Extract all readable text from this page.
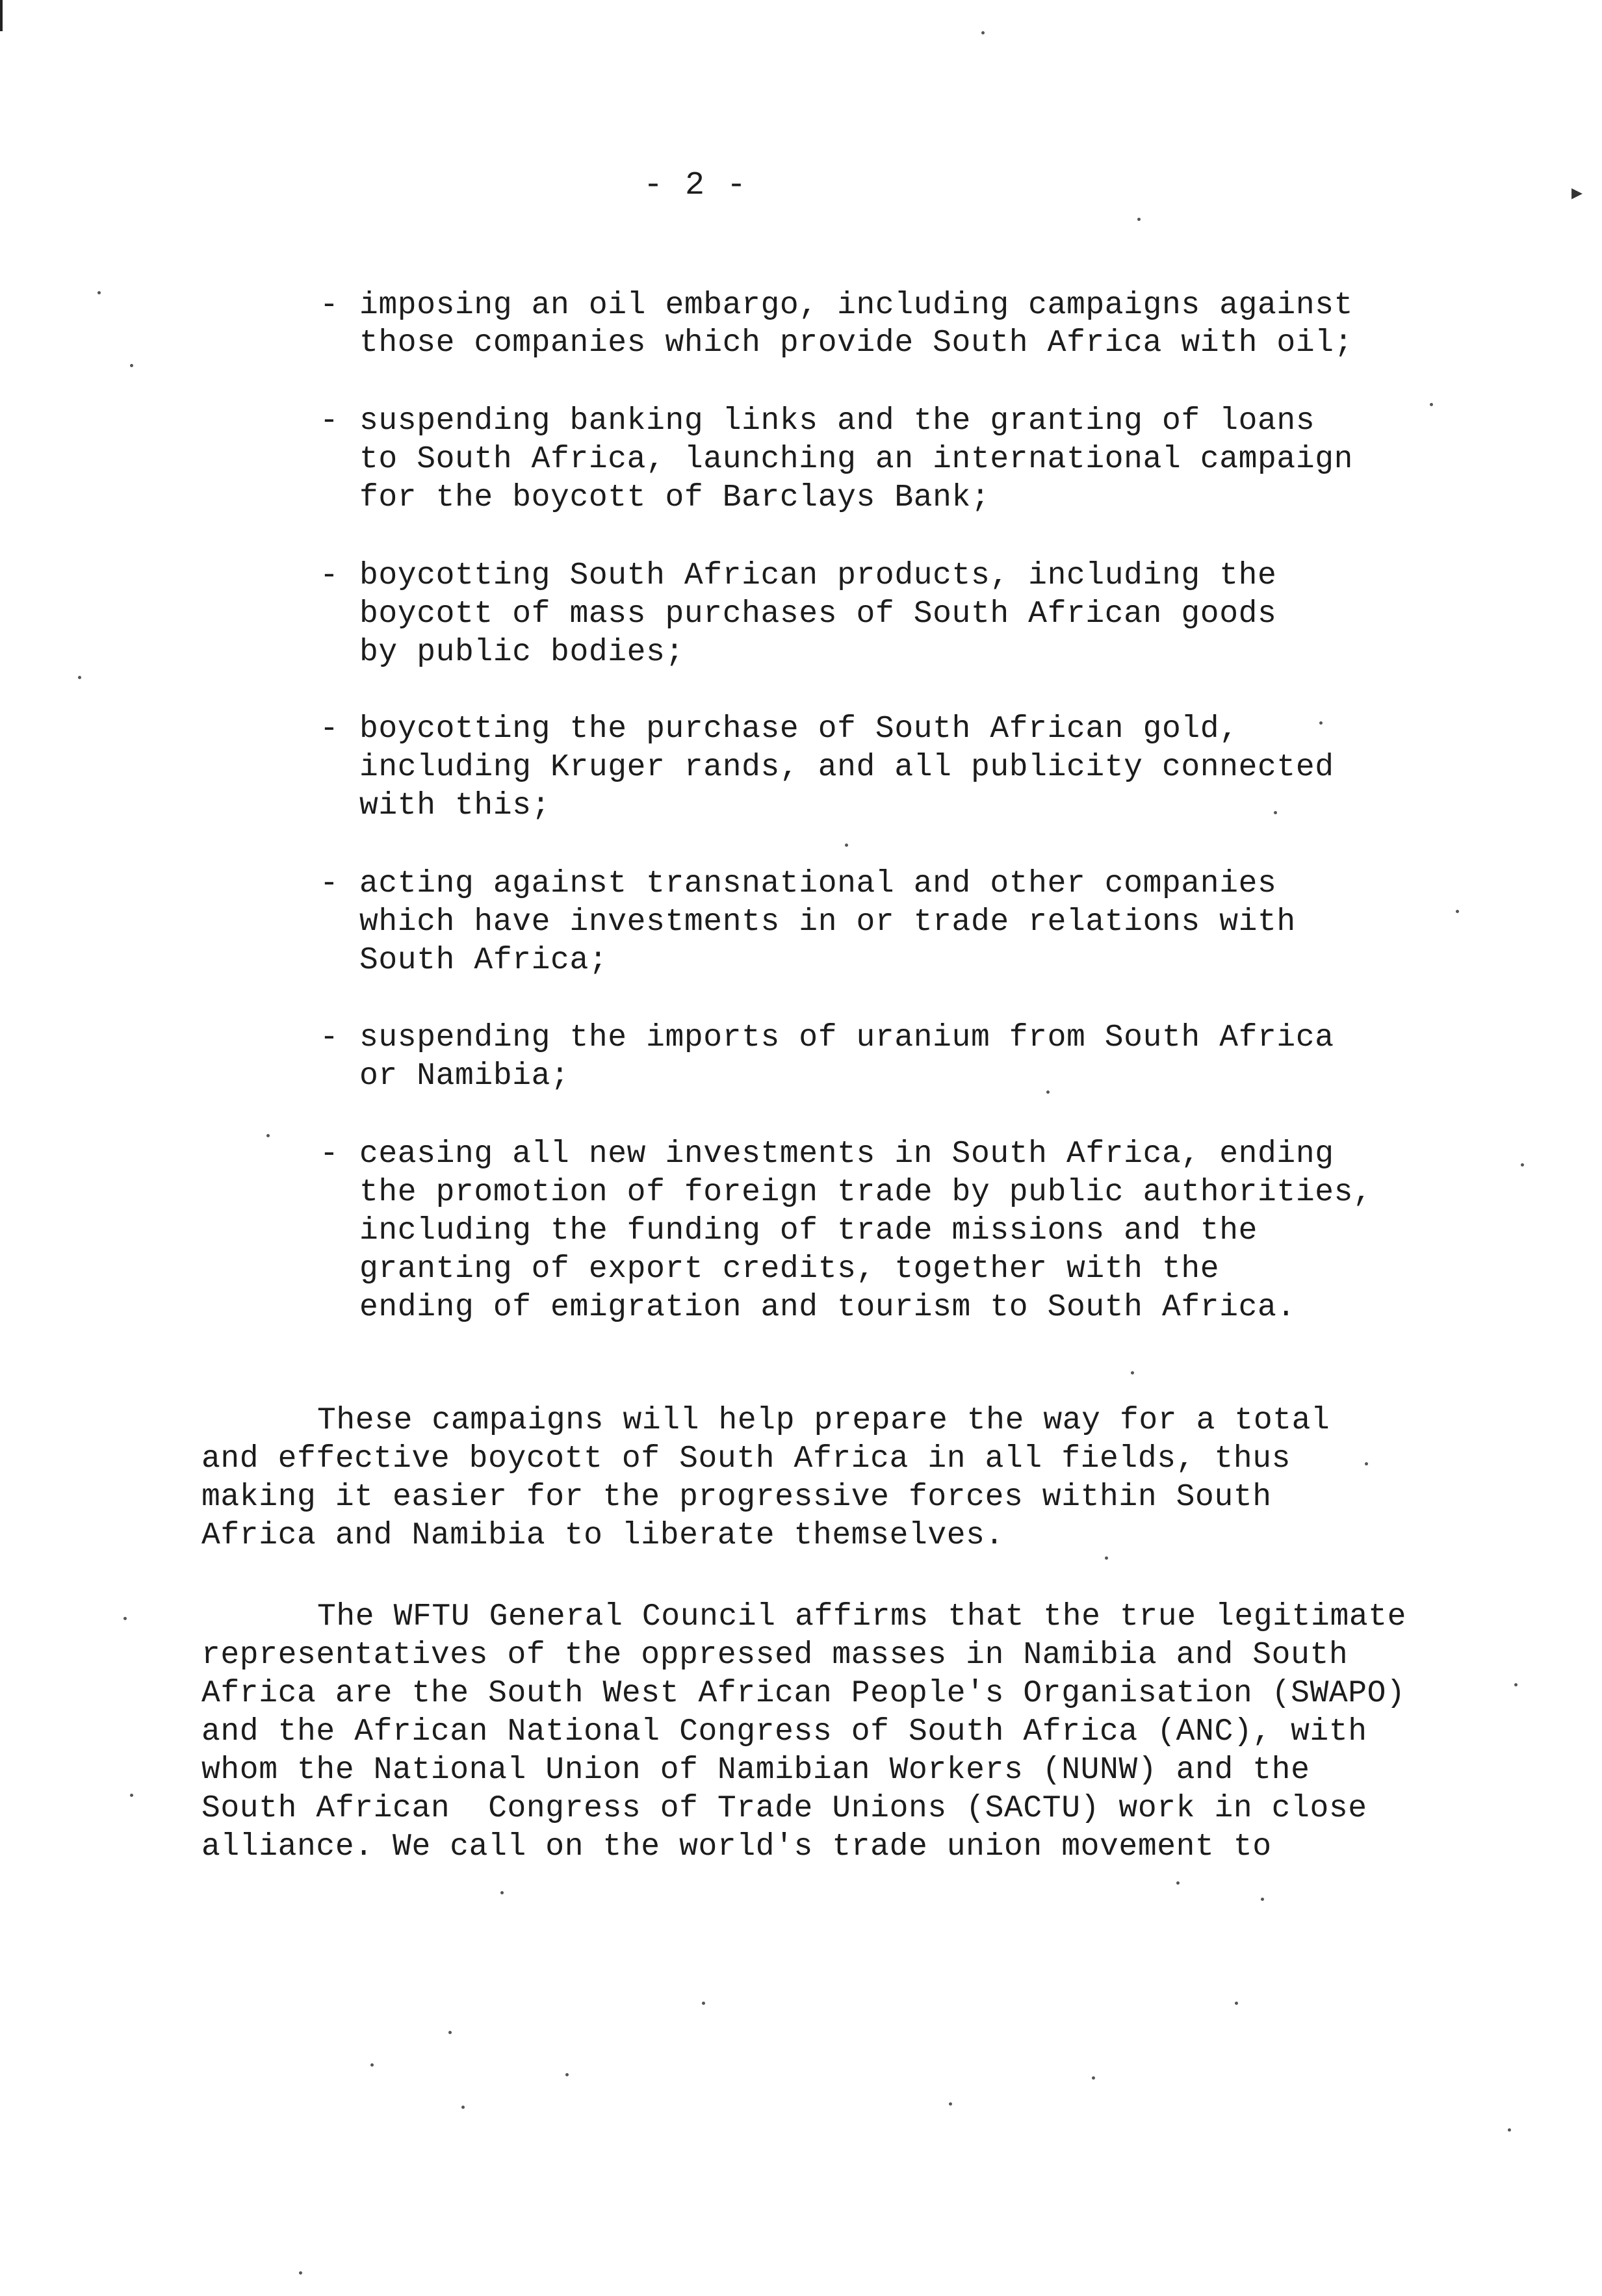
▸
- 2 -
- imposing an oil embargo, including campaigns against
those companies which provide South Africa with oil;
- suspending banking links and the granting of loans
to South Africa, launching an international campaign
for the boycott of Barclays Bank;
- boycotting South African products, including the
boycott of mass purchases of South African goods
by public bodies;
- boycotting the purchase of South African gold,
including Kruger rands, and all publicity connected
with this;
- acting against transnational and other companies
which have investments in or trade relations with
South Africa;
- suspending the imports of uranium from South Africa
or Namibia;
- ceasing all new investments in South Africa, ending
the promotion of foreign trade by public authorities,
including the funding of trade missions and the
granting of export credits, together with the
ending of emigration and tourism to South Africa.
These campaigns will help prepare the way for a total
and effective boycott of South Africa in all fields, thus
making it easier for the progressive forces within South
Africa and Namibia to liberate themselves.
The WFTU General Council affirms that the true legitimate
representatives of the oppressed masses in Namibia and South
Africa are the South West African People's Organisation (SWAPO)
and the African National Congress of South Africa (ANC), with
whom the National Union of Namibian Workers (NUNW) and the
South African  Congress of Trade Unions (SACTU) work in close
alliance. We call on the world's trade union movement to
